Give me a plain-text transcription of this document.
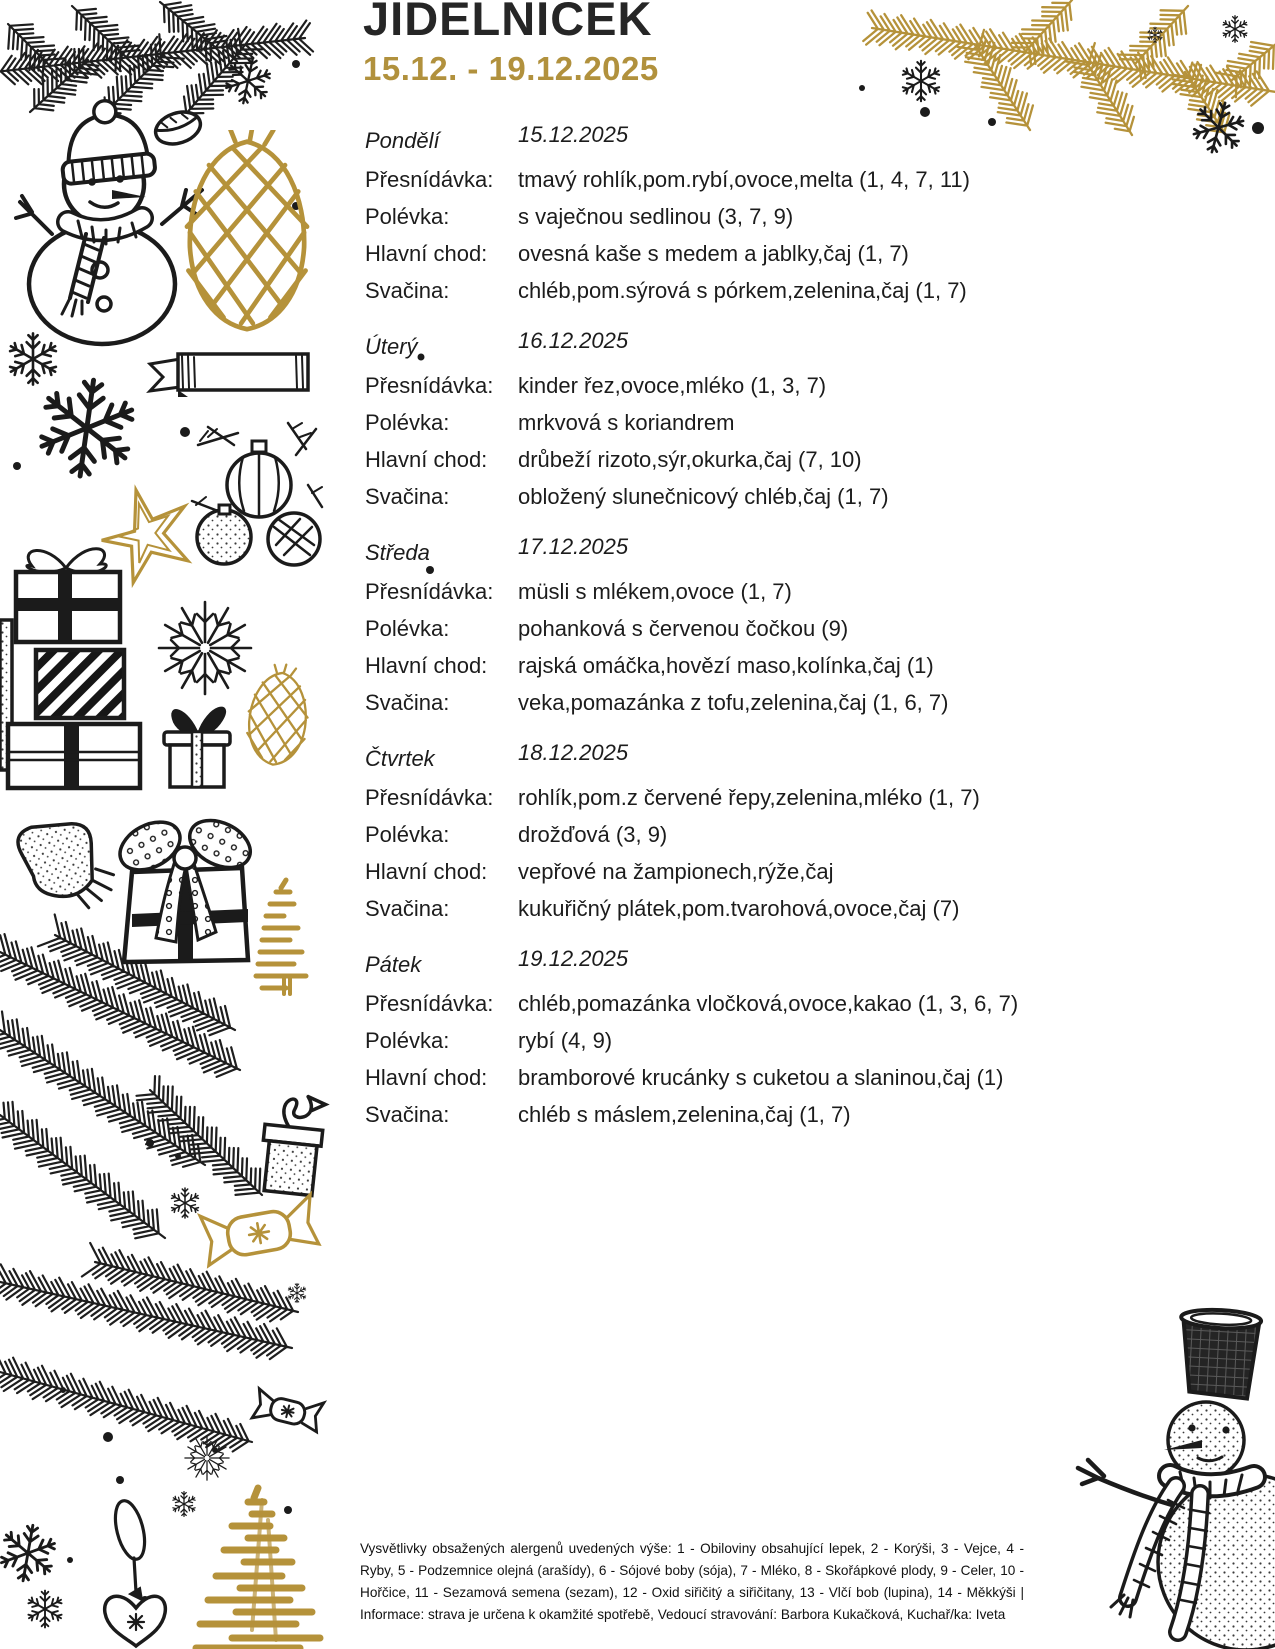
JIDELNICEK
15.12. - 19.12.2025
Pondělí	15.12.2025
Přesnídávka:	tmavý rohlík,pom.rybí,ovoce,melta (1, 4, 7, 11)
Polévka:	s vaječnou sedlinou (3, 7, 9)
Hlavní chod:	ovesná kaše s medem a jablky,čaj (1, 7)
Svačina:	chléb,pom.sýrová s pórkem,zelenina,čaj (1, 7)
Úterý	16.12.2025
Přesnídávka:	kinder řez,ovoce,mléko (1, 3, 7)
Polévka:	mrkvová s koriandrem
Hlavní chod:	drůbeží rizoto,sýr,okurka,čaj (7, 10)
Svačina:	obložený slunečnicový chléb,čaj (1, 7)
Středa	17.12.2025
Přesnídávka:	müsli s mlékem,ovoce (1, 7)
Polévka:	pohanková s červenou čočkou (9)
Hlavní chod:	rajská omáčka,hovězí maso,kolínka,čaj (1)
Svačina:	veka,pomazánka z tofu,zelenina,čaj (1, 6, 7)
Čtvrtek	18.12.2025
Přesnídávka:	rohlík,pom.z červené řepy,zelenina,mléko (1, 7)
Polévka:	drožďová (3, 9)
Hlavní chod:	vepřové na žampionech,rýže,čaj
Svačina:	kukuřičný plátek,pom.tvarohová,ovoce,čaj (7)
Pátek	19.12.2025
Přesnídávka:	chléb,pomazánka vločková,ovoce,kakao (1, 3, 6, 7)
Polévka:	rybí (4, 9)
Hlavní chod:	bramborové krucánky s cuketou a slaninou,čaj (1)
Svačina:	chléb s máslem,zelenina,čaj (1, 7)
Vysvětlivky obsažených alergenů uvedených výše: 1 - Obiloviny obsahující lepek, 2 - Korýši, 3 - Vejce, 4 - Ryby, 5 - Podzemnice olejná (arašídy), 6 - Sójové boby (sója), 7 - Mléko, 8 - Skořápkové plody, 9 - Celer, 10 - Hořčice, 11 - Sezamová semena (sezam), 12 - Oxid siřičitý a siřičitany, 13 - Vlčí bob (lupina), 14 - Měkkýši | Informace: strava je určena k okamžité spotřebě, Vedoucí stravování: Barbora Kukačková, Kuchař/ka: Iveta
